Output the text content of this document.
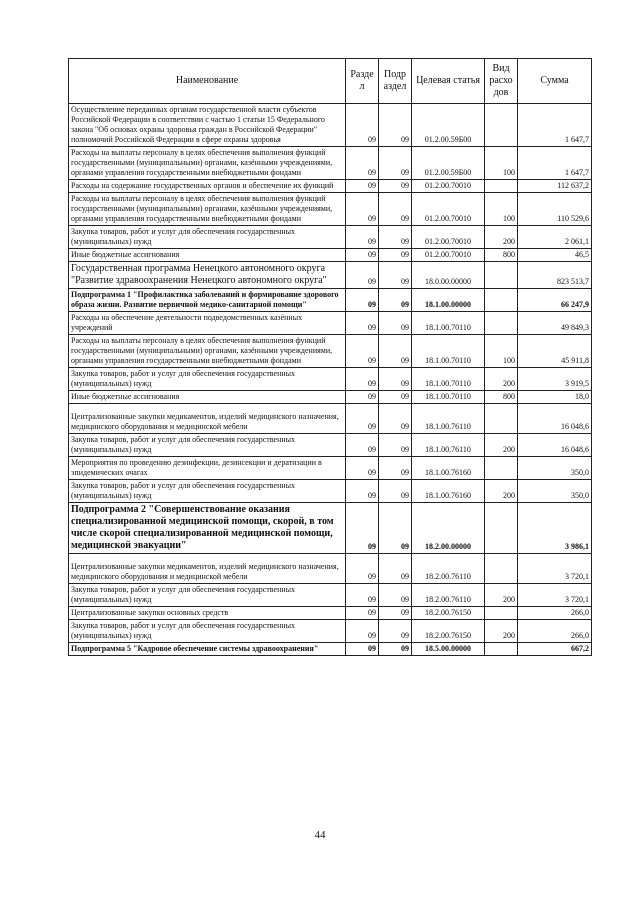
Наименование	Разде л	Подр аздел	Целевая статья	Вид расхо дов	Сумма
Осуществление переданных органам государственной власти субъектов Российской Федерации в соответствии с частью 1 статьи 15 Федерального закона "Об основах охраны здоровья граждан в Российской Федерации" полномочий Российской Федерации в сфере охраны здоровья	09	09	01.2.00.59Б00		1 647,7
Расходы на выплаты персоналу в целях обеспечения выполнения функций государственными (муниципальными) органами, казёнными учреждениями, органами управления государственными внебюджетными фондами	09	09	01.2.00.59Б00	100	1 647,7
Расходы на содержание государственных органов и обеспечение их функций	09	09	01.2.00.70010		112 637,2
Расходы на выплаты персоналу в целях обеспечения выполнения функций государственными (муниципальными) органами, казёнными учреждениями, органами управления государственными внебюджетными фондами	09	09	01.2.00.70010	100	110 529,6
Закупка товаров, работ и услуг для обеспечения государственных (муниципальных) нужд	09	09	01.2.00.70010	200	2 061,1
Иные бюджетные ассигнования	09	09	01.2.00.70010	800	46,5
Государственная программа Ненецкого автономного округа "Развитие здравоохранения Ненецкого автономного округа"	09	09	18.0.00.00000		823 513,7
Подпрограмма 1 "Профилактика заболеваний и формирование здорового образа жизни. Развитие первичной медико-санитарной помощи"	09	09	18.1.00.00000		66 247,9
Расходы на обеспечение деятельности подведомственных казённых учреждений	09	09	18.1.00.70110		49 849,3
Расходы на выплаты персоналу в целях обеспечения выполнения функций государственными (муниципальными) органами, казёнными учреждениями, органами управления государственными внебюджетными фондами	09	09	18.1.00.70110	100	45 911,8
Закупка товаров, работ и услуг для обеспечения государственных (муниципальных) нужд	09	09	18.1.00.70110	200	3 919,5
Иные бюджетные ассигнования	09	09	18.1.00.70110	800	18,0
Централизованные закупки медикаментов, изделий медицинского назначения, медицинского оборудования и медицинской мебели	09	09	18.1.00.76110		16 048,6
Закупка товаров, работ и услуг для обеспечения государственных (муниципальных) нужд	09	09	18.1.00.76110	200	16 048,6
Мероприятия по проведению дезинфекции, дезинсекции и дератизации в эпидемических очагах	09	09	18.1.00.76160		350,0
Закупка товаров, работ и услуг для обеспечения государственных (муниципальных) нужд	09	09	18.1.00.76160	200	350,0
Подпрограмма 2 "Совершенствование оказания специализированной медицинской помощи, скорой, в том числе скорой специализированной медицинской помощи, медицинской эвакуации"	09	09	18.2.00.00000		3 986,1
Централизованные закупки медикаментов, изделий медицинского назначения, медицинского оборудования и медицинской мебели	09	09	18.2.00.76110		3 720,1
Закупка товаров, работ и услуг для обеспечения государственных (муниципальных) нужд	09	09	18.2.00.76110	200	3 720,1
Централизованные закупки основных средств	09	09	18.2.00.76150		266,0
Закупка товаров, работ и услуг для обеспечения государственных (муниципальных) нужд	09	09	18.2.00.76150	200	266,0
Подпрограмма 5 "Кадровое обеспечение системы здравоохранения"	09	09	18.5.00.00000		667,2
44
